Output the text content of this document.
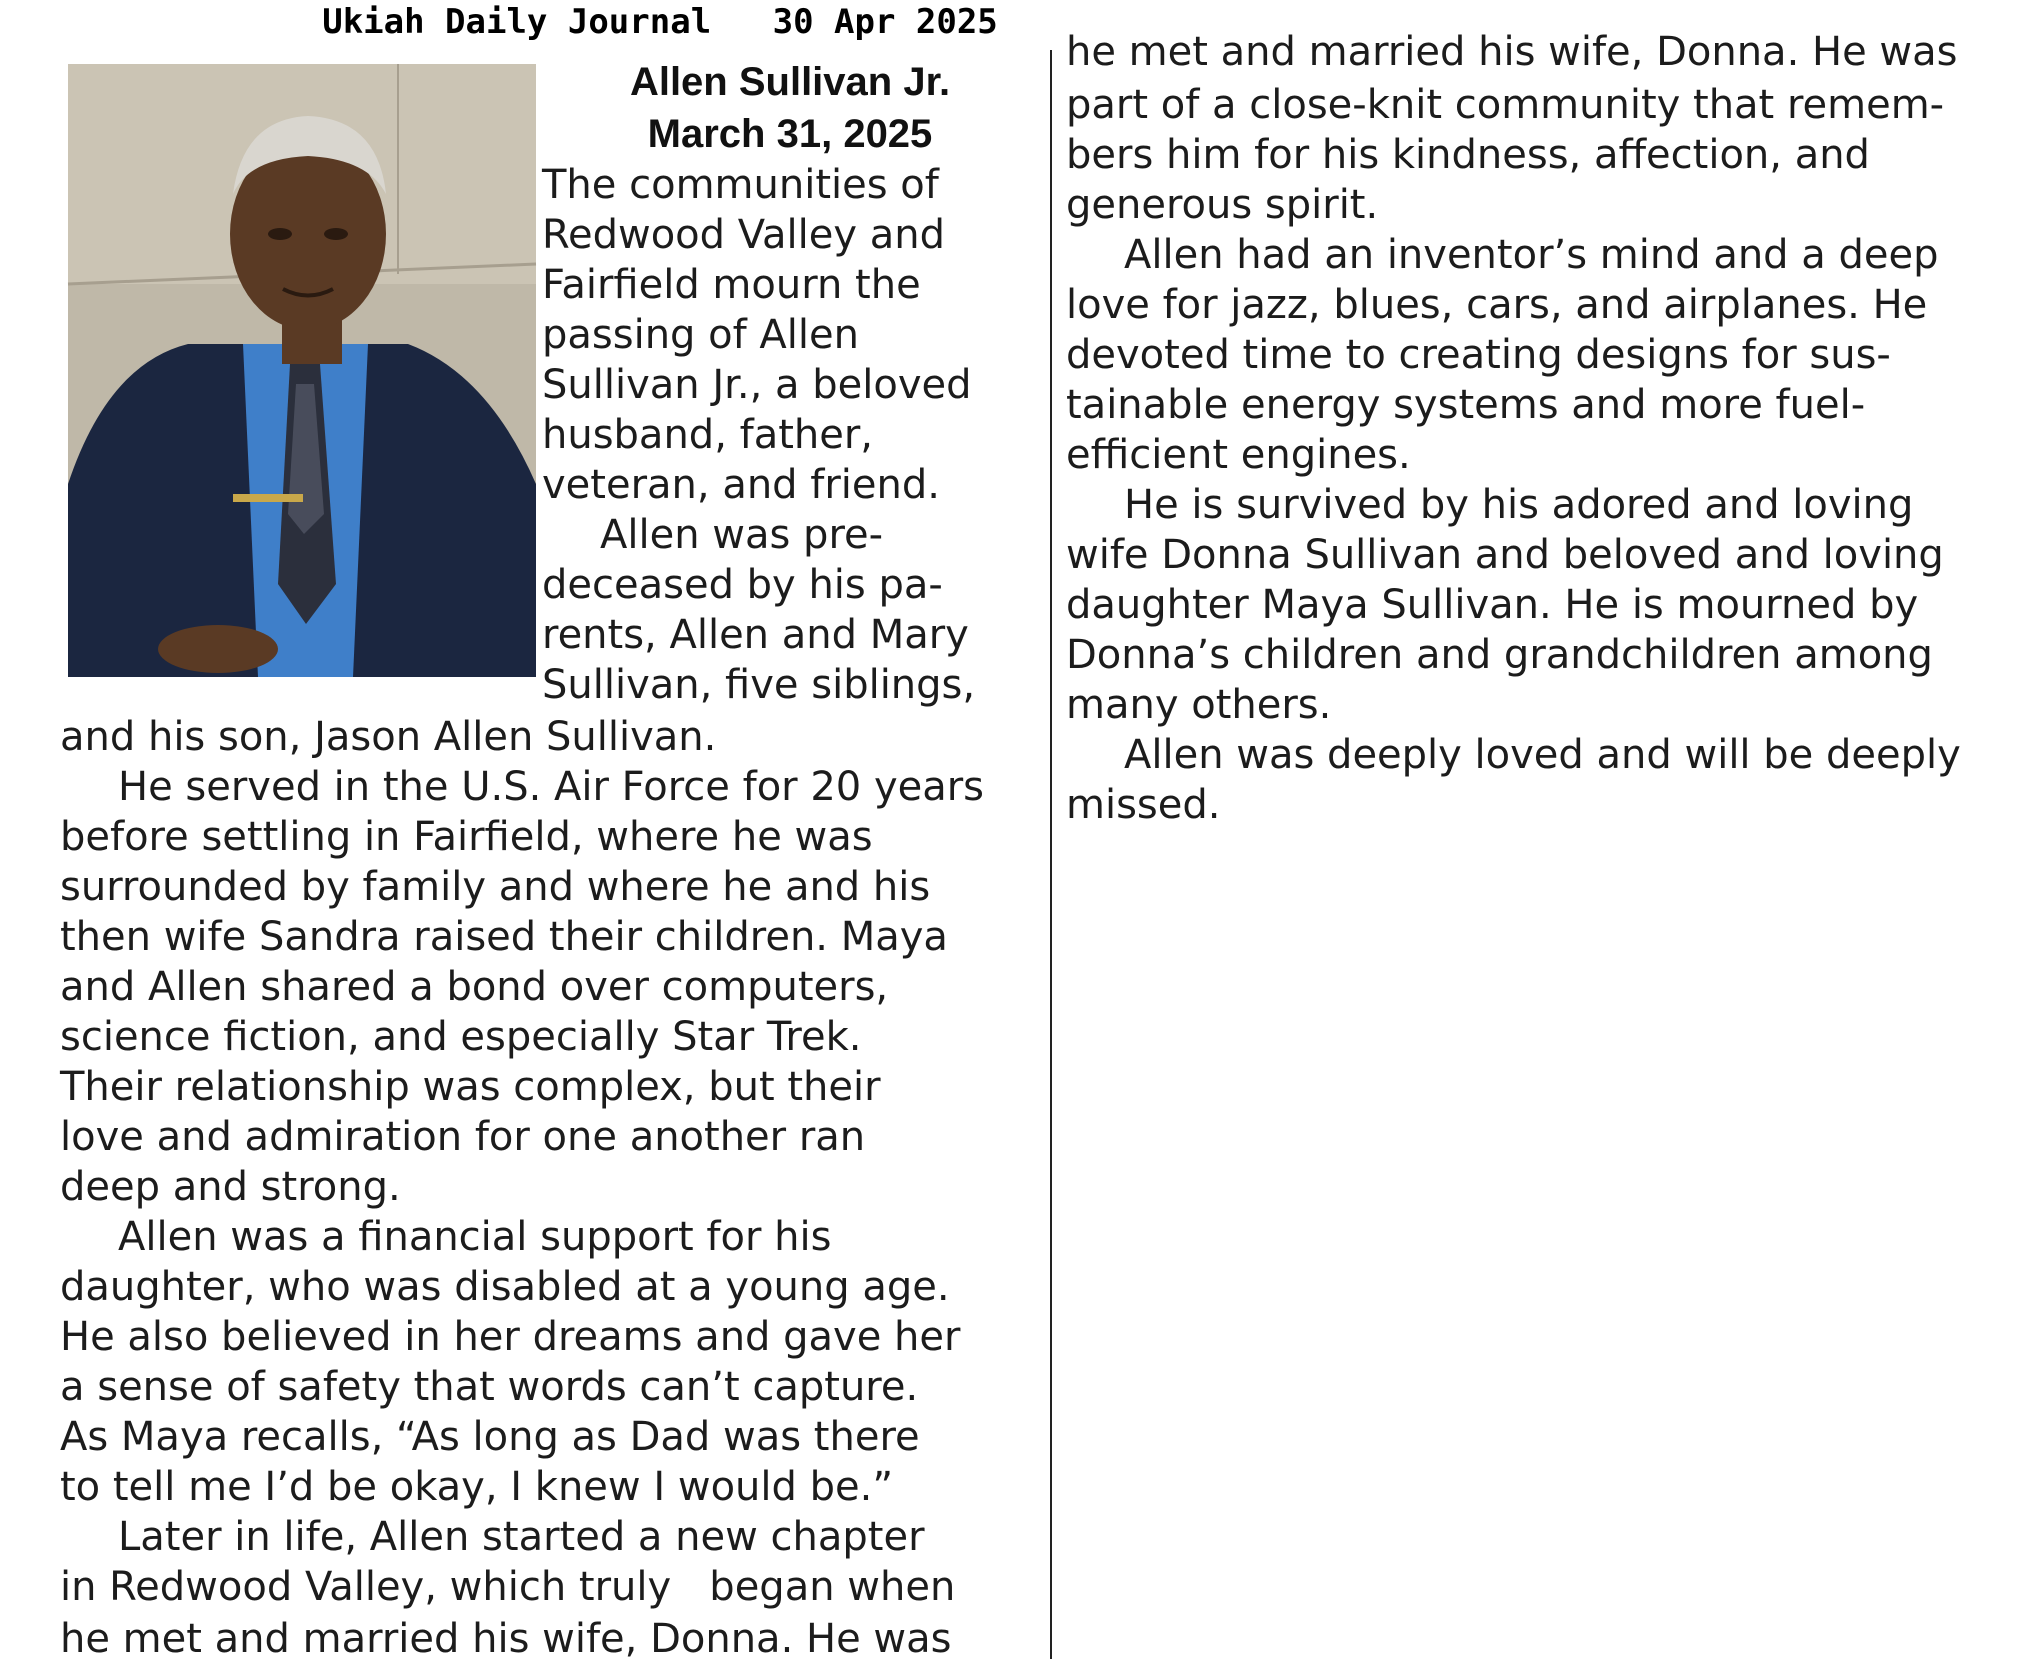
Ukiah Daily Journal 30 Apr 2025
Allen Sullivan Jr.
March 31, 2025
The communities of
Redwood Valley and
Fairfield mourn the
passing of Allen
Sullivan Jr., a beloved
husband, father,
veteran, and friend.
Allen was pre-
deceased by his pa-
rents, Allen and Mary
Sullivan, five siblings,
and his son, Jason Allen Sullivan.
He served in the U.S. Air Force for 20 years
before settling in Fairfield, where he was
surrounded by family and where he and his
then wife Sandra raised their children. Maya
and Allen shared a bond over computers,
science fiction, and especially Star Trek.
Their relationship was complex, but their
love and admiration for one another ran
deep and strong.
Allen was a financial support for his
daughter, who was disabled at a young age.
He also believed in her dreams and gave her
a sense of safety that words can’t capture.
As Maya recalls, “As long as Dad was there
to tell me I’d be okay, I knew I would be.”
Later in life, Allen started a new chapter
in Redwood Valley, which truly   began when
he met and married his wife, Donna. He was
he met and married his wife, Donna. He was
part of a close-knit community that remem-
bers him for his kindness, affection, and
generous spirit.
Allen had an inventor’s mind and a deep
love for jazz, blues, cars, and airplanes. He
devoted time to creating designs for sus-
tainable energy systems and more fuel-
efficient engines.
He is survived by his adored and loving
wife Donna Sullivan and beloved and loving
daughter Maya Sullivan. He is mourned by
Donna’s children and grandchildren among
many others.
Allen was deeply loved and will be deeply
missed.
